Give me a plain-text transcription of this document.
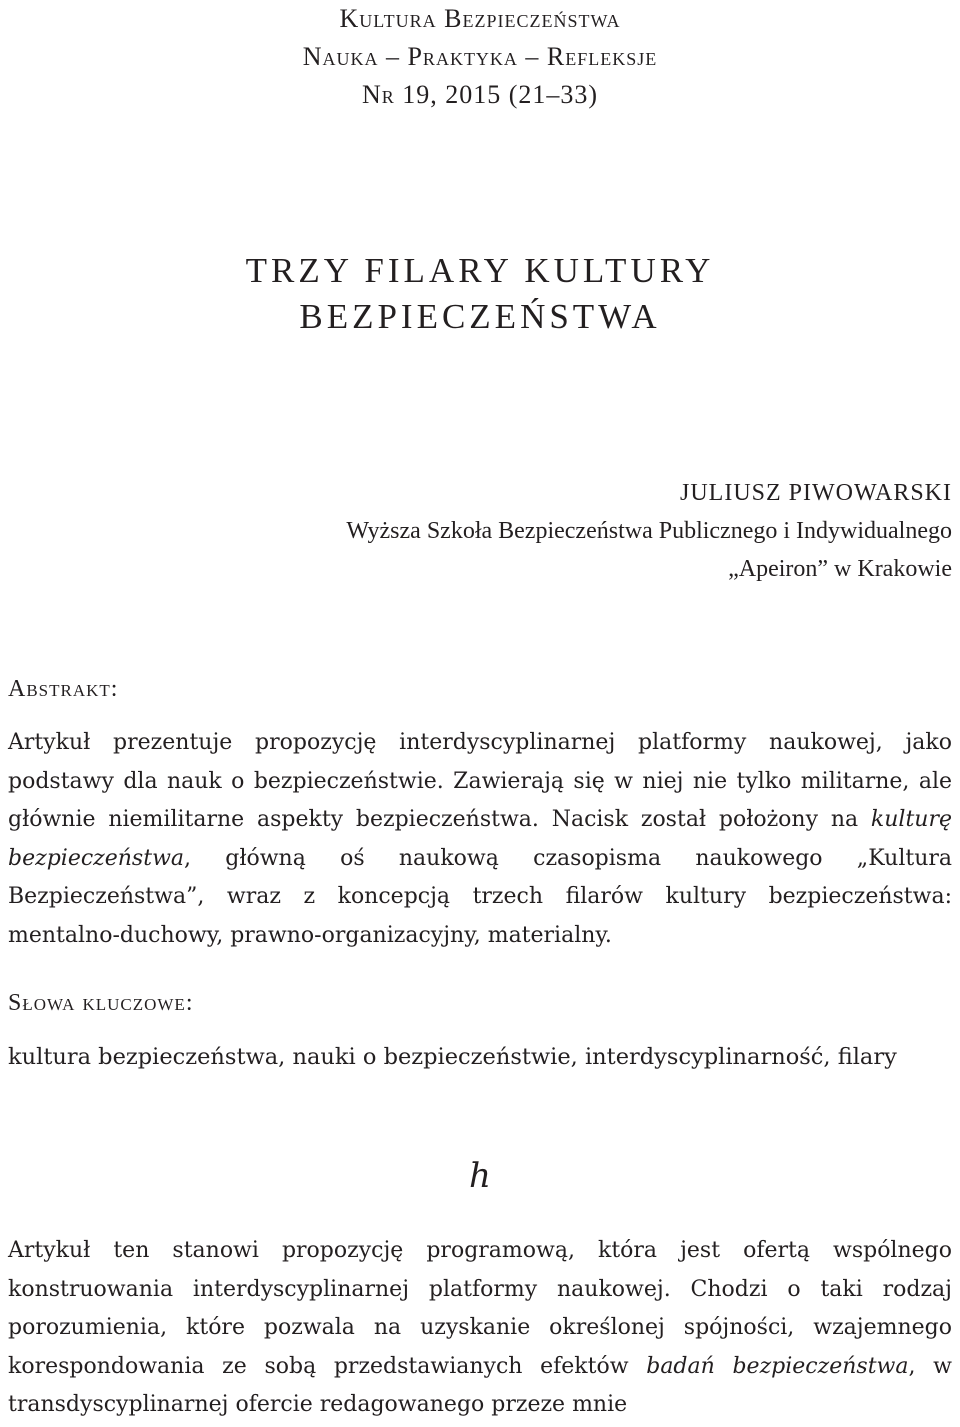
Kultura Bezpieczeństwa
Nauka – Praktyka – Refleksje
Nr 19, 2015 (21–33)
TRZY FILARY KULTURY
BEZPIECZEŃSTWA
JULIUSZ PIWOWARSKI
Wyższa Szkoła Bezpieczeństwa Publicznego i Indywidualnego
„Apeiron” w Krakowie
Abstrakt:

Artykuł prezentuje propozycję interdyscyplinarnej platformy naukowej, jako podstawy dla nauk o bezpieczeństwie. Zawierają się w niej nie tylko militarne, ale głównie niemilitarne aspekty bezpieczeństwa. Nacisk został położony na kulturę bezpieczeństwa, główną oś naukową czasopisma naukowego „Kultura Bezpieczeństwa”, wraz z koncepcją trzech filarów kultury bezpieczeństwa: mentalno-duchowy, prawno-organizacyjny, materialny.

Słowa kluczowe:

kultura bezpieczeństwa, nauki o bezpieczeństwie, interdyscyplinarność, filary

ℎ

Artykuł ten stanowi propozycję programową, która jest ofertą wspólnego konstruowania interdyscyplinarnej platformy naukowej. Chodzi o taki rodzaj porozumienia, które pozwala na uzyskanie określonej spójności, wzajemnego korespondowania ze sobą przedstawianych efektów badań bezpieczeństwa, w transdyscyplinarnej ofercie redagowanego przeze mnie
